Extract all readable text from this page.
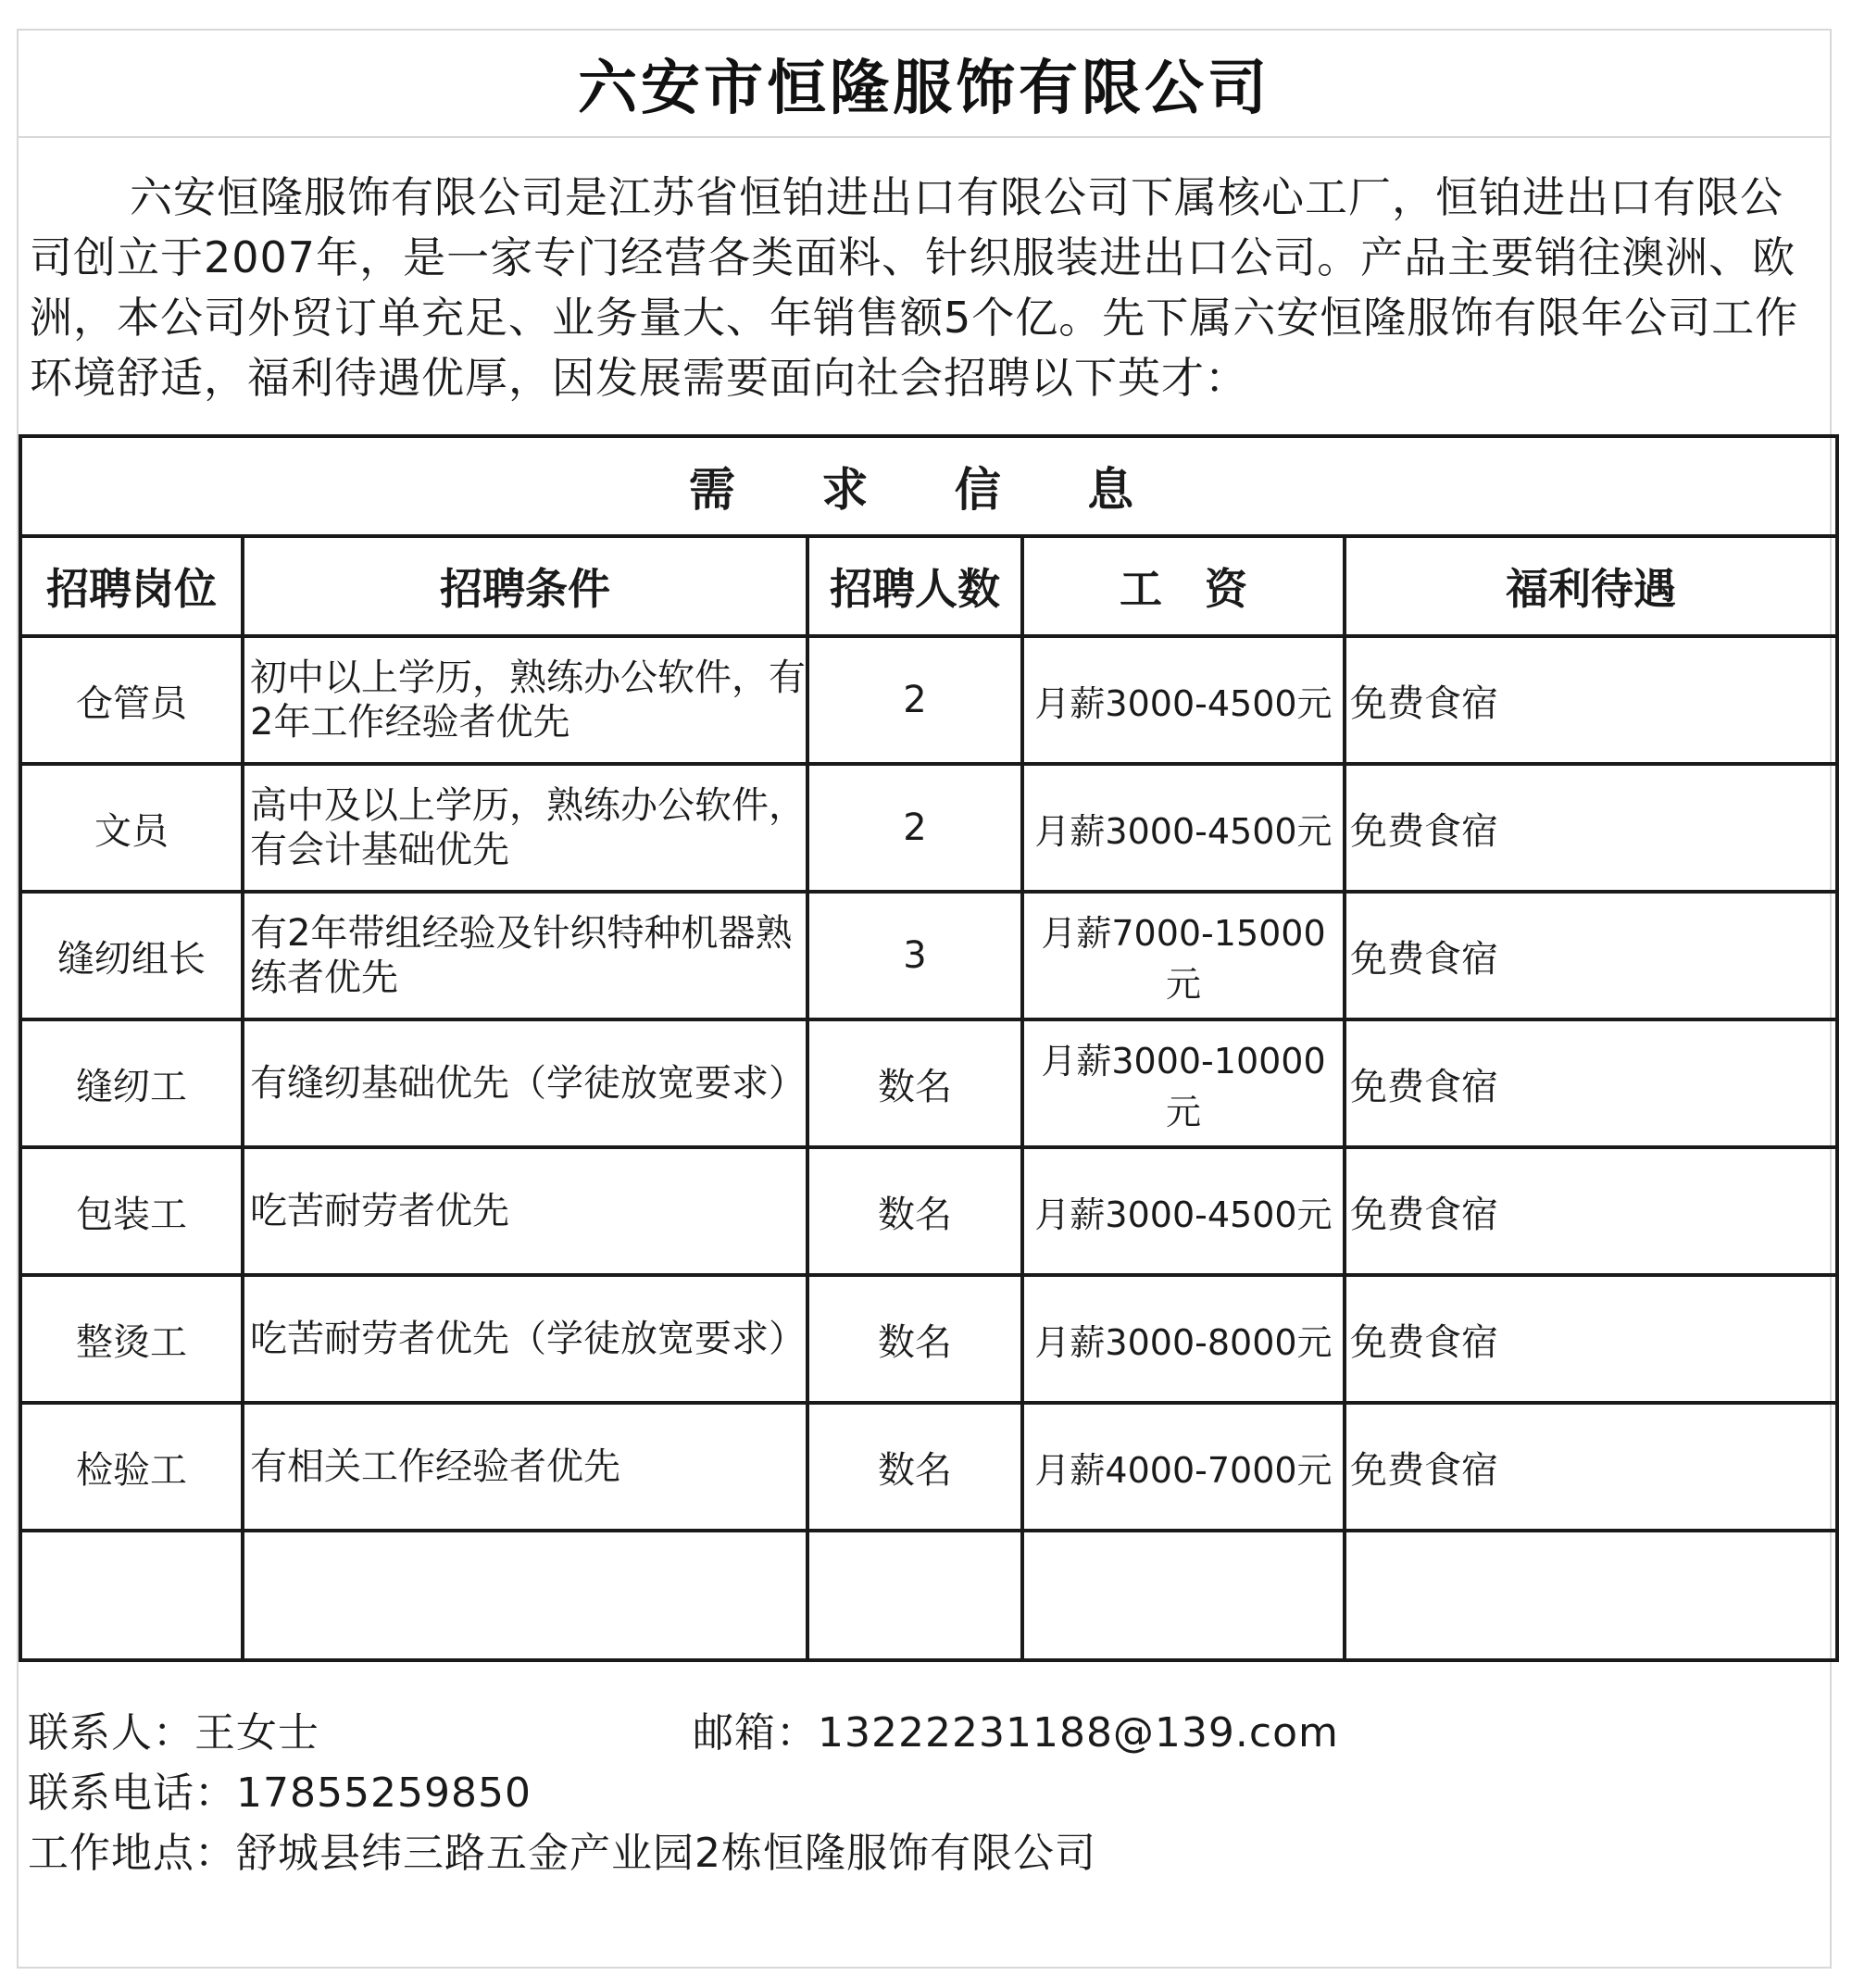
六安市恒隆服饰有限公司
六安恒隆服饰有限公司是江苏省恒铂进出口有限公司下属核心工厂，恒铂进出口有限公司创立于2007年，是一家专门经营各类面料、针织服装进出口公司。产品主要销往澳洲、欧洲，本公司外贸订单充足、业务量大、年销售额5个亿。先下属六安恒隆服饰有限年公司工作环境舒适，福利待遇优厚，因发展需要面向社会招聘以下英才：
需 求 信 息				
招聘岗位	招聘条件	招聘人数	工　资	福利待遇
仓管员	初中以上学历，熟练办公软件，有2年工作经验者优先	2	月薪3000-4500元	免费食宿
文员	高中及以上学历，熟练办公软件，有会计基础优先	2	月薪3000-4500元	免费食宿
缝纫组长	有2年带组经验及针织特种机器熟练者优先	3	月薪7000-15000元	免费食宿
缝纫工	有缝纫基础优先（学徒放宽要求）	数名	月薪3000-10000元	免费食宿
包装工	吃苦耐劳者优先	数名	月薪3000-4500元	免费食宿
整烫工	吃苦耐劳者优先（学徒放宽要求）	数名	月薪3000-8000元	免费食宿
检验工	有相关工作经验者优先	数名	月薪4000-7000元	免费食宿

联系人：王女士	邮箱：13222231188@139.com
联系电话：17855259850
工作地点：舒城县纬三路五金产业园2栋恒隆服饰有限公司
